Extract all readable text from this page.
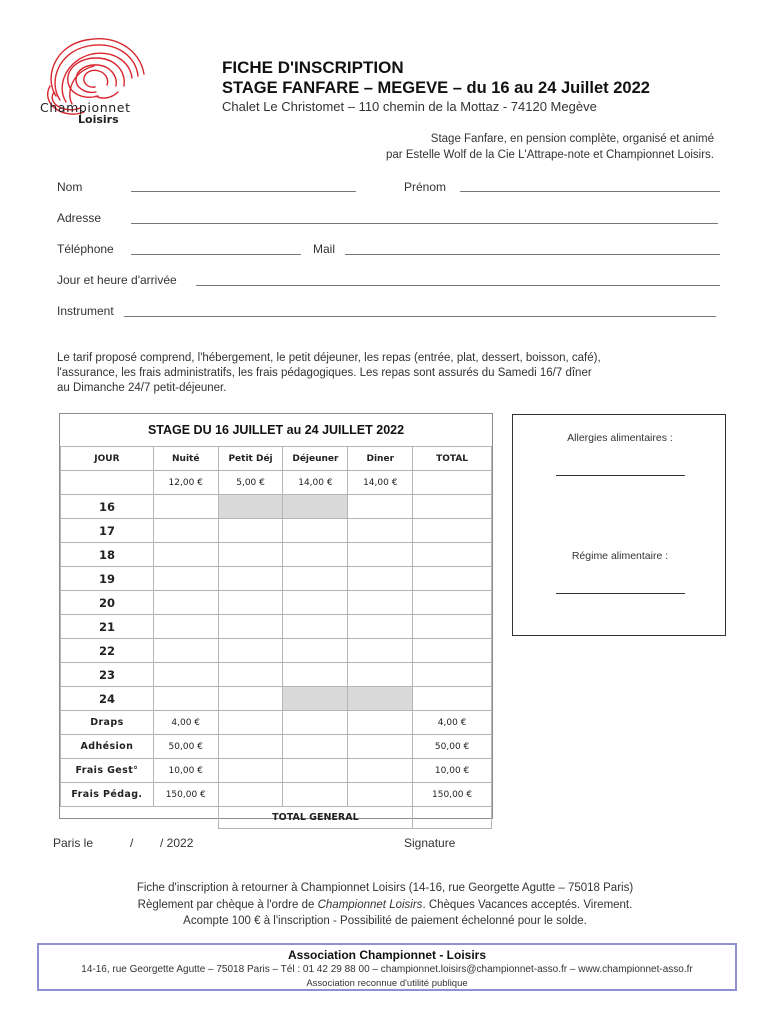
Championnet
Loisirs
FICHE D'INSCRIPTION
STAGE FANFARE – MEGEVE – du 16 au 24 Juillet 2022
Chalet Le Christomet – 110 chemin de la Mottaz - 74120 Megève
Stage Fanfare, en pension complète, organisé et animé
par Estelle Wolf de la Cie L'Attrape-note et Championnet Loisirs.
Nom	Prénom
Adresse
Téléphone	Mail
Jour et heure d'arrivée
Instrument
Le tarif proposé comprend, l'hébergement, le petit déjeuner, les repas (entrée, plat, dessert, boisson, café),
l'assurance, les frais administratifs, les frais pédagogiques. Les repas sont assurés du Samedi 16/7 dîner
au Dimanche 24/7 petit-déjeuner.
STAGE DU 16 JUILLET au 24 JUILLET 2022
JOUR	Nuité	Petit Déj	Déjeuner	Diner	TOTAL
	12,00 €	5,00 €	14,00 €	14,00 €	
16					
17					
18					
19					
20					
21					
22					
23					
24					
Draps	4,00 €				4,00 €
Adhésion	50,00 €				50,00 €
Frais Gest°	10,00 €				10,00 €
Frais Pédag.	150,00 €				150,00 €
		TOTAL GENERAL			
Allergies alimentaires :
Régime alimentaire :
Paris le	/ / 2022	Signature
Fiche d'inscription à retourner à Championnet Loisirs (14-16, rue Georgette Agutte – 75018 Paris)
Règlement par chèque à l'ordre de Championnet Loisirs. Chèques Vacances acceptés. Virement.
Acompte 100 € à l'inscription - Possibilité de paiement échelonné pour le solde.
Association Championnet - Loisirs
14-16, rue Georgette Agutte – 75018 Paris – Tél : 01 42 29 88 00 – championnet.loisirs@championnet-asso.fr – www.championnet-asso.fr
Association reconnue d'utilité publique
